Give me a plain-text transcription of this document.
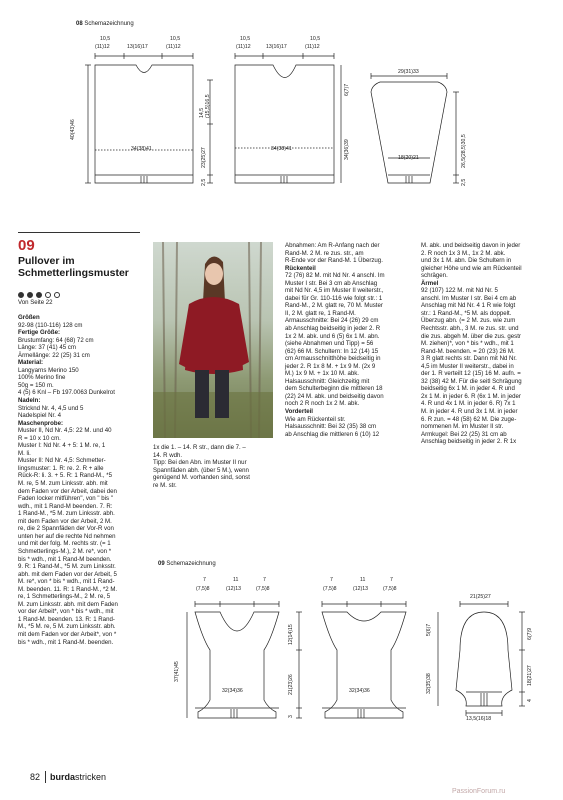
08 Schemazeichnung
10,5
(11)12	13(16)17
10,5
(11)12
34(38)41
40(43)46
10,5
(11)12	13(16)17
10,5
(11)12
34(38)41
14,5
(15,5)16,5
23(25)27
2,5
29(31)33
6(7)7
34(36)39	18(20)21	26,5(28,5)30,5
2,5
09
Pullover im
Schmetterlingsmuster
Von Seite 22

Größen

92-98 (110-116) 128 cm

Fertige Größe:

Brustumfang: 64 (68) 72 cm

Länge: 37 (41) 45 cm

Ärmellänge: 22 (25) 31 cm

Material:

Langyarns Merino 150

100% Merino fine

50g = 150 m.

4 (5) 6 Knl – Fb 197.0063 Dunkelrot

Nadeln:

Stricknd Nr. 4, 4,5 und 5

Nadelspiel Nr. 4

Maschenprobe:

Muster II, Nd Nr. 4,5: 22 M. und 40

R = 10 x 10 cm.

Muster I: Nd Nr. 4 + 5: 1 M. re, 1

M. li.

Muster II: Nd Nr. 4,5: Schmetter-

lingsmuster: 1. R: re. 2. R + alle

Rück-R: li. 3. + 5. R: 1 Rand-M., *5

M. re, 5 M. zum Linksstr. abh. mit

dem Faden vor der Arbeit, dabei den

Faden locker mitführen", von " bis "

wdh., mit 1 Rand-M beenden. 7. R:

1 Rand-M., *5 M. zum Linksstr. abh.

mit dem Faden vor der Arbeit, 2 M.

re, die 2 Spannfäden der Vor-R von

unten her auf die rechte Nd nehmen

und mit der folg. M. rechts str. (= 1

Schmetterlings-M.), 2 M. re*, von *

bis * wdh., mit 1 Rand-M beenden.

9. R: 1 Rand-M., *5 M. zum Linksstr.

abh. mit dem Faden vor der Arbeit, 5

M. re*, von * bis * wdh., mit 1 Rand-

M. beenden. 11. R: 1 Rand-M., *2 M.

re, 1 Schmetterlings-M., 2 M. re, 5

M. zum Linksstr. abh. mit dem Faden

vor der Arbeit*, von * bis * wdh., mit

1 Rand-M. beenden. 13. R: 1 Rand-

M., *5 M. re, 5 M. zum Linksstr. abh.

mit dem Faden vor der Arbeit*, von *

bis * wdh., mit 1 Rand-M. beenden.

1x die 1. – 14. R str., dann die 7. –

14. R wdh.

Tipp: Bei den Abn. im Muster II nur

Spannfäden abh. (über 5 M.), wenn

genügend M. vorhanden sind, sonst

re M. str.

Abnahmen: Am R-Anfang nach der

Rand-M. 2 M. re zus. str., am

R-Ende vor der Rand-M. 1 Überzug.

Rückenteil

72 (76) 82 M. mit Nd Nr. 4 anschl. Im

Muster I str. Bei 3 cm ab Anschlag

mit Nd Nr. 4,5 im Muster II weiterstr.,

dabei für Gr. 110-116 wie folgt str.: 1

Rand-M., 2 M. glatt re, 70 M. Muster

II, 2 M. glatt re, 1 Rand-M.

Armausschnitte: Bei 24 (26) 29 cm

ab Anschlag beidseitig in jeder 2. R

1x 2 M. abk. und 6 (5) 6x 1 M. abn.

(siehe Abnahmen und Tipp) = 56

(62) 66 M. Schultern: In 12 (14) 15

cm Armausschnitthöhe beidseitig in

jeder 2. R 1x 8 M. + 1x 9 M. (2x 9

M.) 1x 9 M. + 1x 10 M. abk.

Halsausschnitt: Gleichzeitig mit

dem Schulterbeginn die mittleren 18

(22) 24 M. abk. und beidseitig davon

noch 2 R noch 1x 2 M. abk.

Vorderteil

Wie am Rückenteil str.

Halsausschnitt: Bei 32 (35) 38 cm

ab Anschlag die mittleren 6 (10) 12

M. abk. und beidseitig davon in jeder

2. R noch 1x 3 M., 1x 2 M. abk.

und 3x 1 M. abn. Die Schultern in

gleicher Höhe und wie am Rückenteil

schrägen.

Ärmel

92 (107) 122 M. mit Nd Nr. 5

anschl. Im Muster I str. Bei 4 cm ab

Anschlag mit Nd Nr. 4 1 R wie folgt

str.: 1 Rand-M., *5 M. als doppelt.

Überzug abn. (= 2 M. zus. wie zum

Rechtsstr. abh., 3 M. re zus. str. und

die zus. abgeh M. über die zus. gestr

M. ziehen)*, von * bis * wdh., mit 1

Rand-M. beenden. = 20 (23) 26 M.

3 R glatt rechts str. Dann mit Nd Nr.

4,5 im Muster II weiterstr., dabei in

der 1. R verteilt 12 (15) 16 M. aufn. =

32 (38) 42 M. Für die seitl Schrägung

beidseitig 6x 1 M. in jeder 4. R und

2x 1 M. in jeder 6. R (6x 1 M. in jeder

4. R und 4x 1 M. in jeder 6. R) 7x 1

M. in jeder 4. R und 3x 1 M. in jeder

6. R zun. = 48 (58) 62 M. Die zuge-

nommenen M. im Muster II str.

Armkugel: Bei 22 (25) 31 cm ab

Anschlag beidseitig in jeder 2. R 1x

09 Schemazeichnung
7	11	7
(7,5)8	(12)13	(7,5)8
32(34)36
37(41)45
7	11	7
(7,5)8	(12)13	(7,5)8
32(34)36
12(14)15
21(23)26
3
21(25)27
5(6)7
32(35)38
13,5(16)18
18(21)27
4
6(7)9
82 burdastricken
PassionForum.ru
